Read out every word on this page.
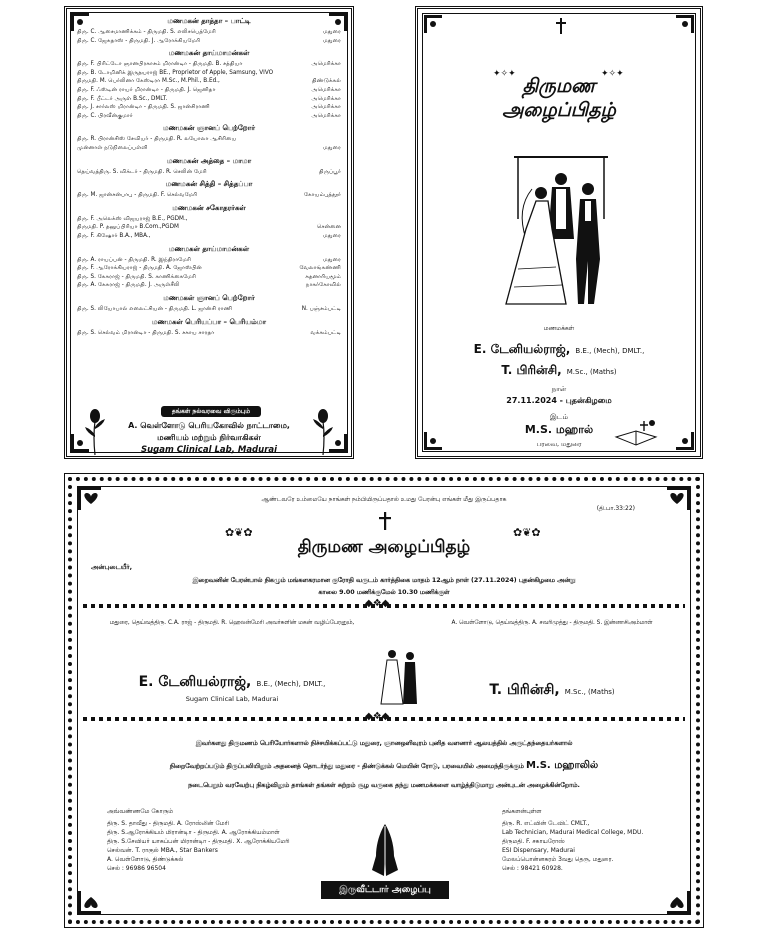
மணமகன் தாத்தா – பாட்டி
திரு. C. ஆசைமாணிக்கம் - திருமதி. S. எலிசபெத்மேரி	மதுரை
திரு. C. ஜேசுதாஸ் - திருமதி. J. ஆரோக்கியமேரி	மதுரை
மணமகன் தாய்மாமன்கள்
திரு. F. பிரிட்டோ ஞானபிரகாசம் மிரான்டிா - திருமதி. B. சத்தியா	அமெரிக்கா
திரு. B. டோமினிக் இருதயராஜ் BE., Proprietor of Apple, Samsung, VIVO
திருமதி. M. பெர்லினா கேஸ்டிரா M.Sc., M.Phil., B.Ed.,	திண்டுக்கல்
திரு. F. ஃஸ்டின் ராயர் மிரான்டிா - திருமதி. J. ஜெனிதா	அமெரிக்கா
திரு. F. பீட்டர் அருள் B.Sc., DMLT.	அமெரிக்கா
திரு. J. சார்லஸ் மிரான்டிா - திருமதி. S. ஜான்சிராணி	அமெரிக்கா
திரு. C. பிரவீன்குமார்	அமெரிக்கா
மணமகன் ஞானப் பெற்றோர்
திரு. R. பிரான்சிஸ் சேவியர் - திருமதி. R. லயோலா ஆசிரியை
முன்னாள் நடுநிலைப்பள்ளி	மதுரை
மணமகன் அத்தை – மாமா
தெய்வத்திரு. S. விக்டர் - திருமதி. R. செலின் மேரி	திருப்பூர்
மணமகன் சித்தி – சித்தப்பா
திரு. M. ஜான்சன்பாபு - திருமதி. F. செல்வமேரி	கோயம்புத்தூர்
மணமகன் சகோதரர்கள்
திரு. F. அலெக்ஸ் விஜயராஜ் B.E., PGDM.,
திருமதி. P. தனுப்பிரியா B.Com.,PGDM	சென்னை
திரு. F. கிஷோர் B.A., MBA.,	மதுரை
மணமகள் தாய்மாமன்கள்
திரு. A. ராயப்பன் - திருமதி. R. இந்திராமேரி	மதுரை
திரு. F. ஆரோக்கியராஜ் - திருமதி. A. ஜோஸ்பின்	வேலாங்கண்ணி
திரு. S. கேசுராஜ் - திருமதி. S. காணிக்கைமேரி	சுதனாரியமூம்
திரு. A. கேசுராஜ் - திருமதி. J. அருள்சீலி	நாகர்கோவில்
மணமகள் ஞானப் பெற்றோர்
திரு. S. லியோபால் எலைட்சியன் - திருமதி. L. ஜான்சி ராணி	N. பஞ்சம்பட்டி
மணமகள் பெரியப்பா – பெரியம்மா
திரு. S. செல்வம் மிரான்டிா - திருமதி. S. சகாய சாரதா	வக்கம்பட்டி
தங்கள் நல்வரவை விரும்பும்
A. வெள்ளோடு பெரியகோவில் நாட்டாமை,
மணியம் மற்றும் நிர்வாகிகள்
Sugam Clinical Lab, Madurai
✦✧✦	✦✧✦
திருமண
அழைப்பிதழ்
மணமக்கள்
E. டேனியல்ராஜ், B.E., (Mech), DMLT.,
T. பிரின்சி, M.Sc., (Maths)
நாள்
27.11.2024 - புதன்கிழமை
இடம்
M.S. மஹால்
பரவை, மதுரை
ஆண்டவரே உம்மையே நாங்கள் நம்பியிருப்பதால் உமது பேரன்பு எங்கள் மீது இருப்பதாக
(தி.பா.33:22)
✿❦✿	✿❦✿
திருமண அழைப்பிதழ்
அன்புடையீர்,
இறைவனின் பேரன்பால் நிகழும் மங்களகரமான குரோதி வருடம் கார்த்திகை மாதம் 12ஆம் நாள் (27.11.2024) புதன்கிழமை அன்று
காலை 9.00 மணிக்குமேல் 10.30 மணிக்குள்
◆❖◆
மதுரை, தெய்வத்திரு. C.A. ராஜ் - திருமதி. R. ஹெலன்மேரி அவர்களின் மகன் வழிப்பேரனும்,
E. டேனியல்ராஜ், B.E., (Mech), DMLT.,
Sugam Clinical Lab, Madurai
A. வெள்ளோடு, தெய்வத்திரு. A. சவரிமுத்து - திருமதி. S. இன்னாசிஅம்மாள்
T. பிரின்சி, M.Sc., (Maths)
◆❖◆
இவர்களது திருமணம் பெரியோர்களால் நிச்சயிக்கப்பட்டு மதுரை, ஞானஒளிவுரம் புனித வளனார் ஆலயத்தில் அருட்தந்தையர்களால்
நிறைவேற்றப்படும் திருப்பலியிலும் அதனைத் தொடர்ந்து மதுரை - திண்டுக்கல் மெயின் ரோடு, பரவையில் அமைந்திருக்கும் M.S. மஹாலில்
நடைபெறும் வரவேற்பு நிகழ்விலும் தாங்கள் தங்கள் சுற்றம் சூழ வருகை தந்து மணமக்களை வாழ்த்திடுமாறு அன்புடன் அழைக்கின்றோம்.
அவ்வண்ணமே கோரும்
திரு. S. தாவீது - திருமதி. A. ரோஸ்லின் மேரி
திரு. S.ஆரோக்கியம் மிரான்டிா - திருமதி. A. ஆரோக்கியம்மாள்
திரு. S.சேவியர் யாகப்பன் மிரான்டிா - திருமதி. X. ஆரோக்கியமேரி
செல்வன். T. ராகுல் MBA., Star Bankers
A. வெள்ளோடு, திண்டுக்கல்
செல் : 96986 96504
தங்களன்புள்ள
திரு. R. எட்வின் டேவிட் CMLT.,
Lab Technician, Madurai Medical College, MDU.
திருமதி. F. சகாயரோஸ்
ESI Dispensary, Madurai
மேலப்பொன்னகரம் 3வது தெரு, மதுரை.
செல் : 98421 60928.
இருவீட்டார் அழைப்பு
